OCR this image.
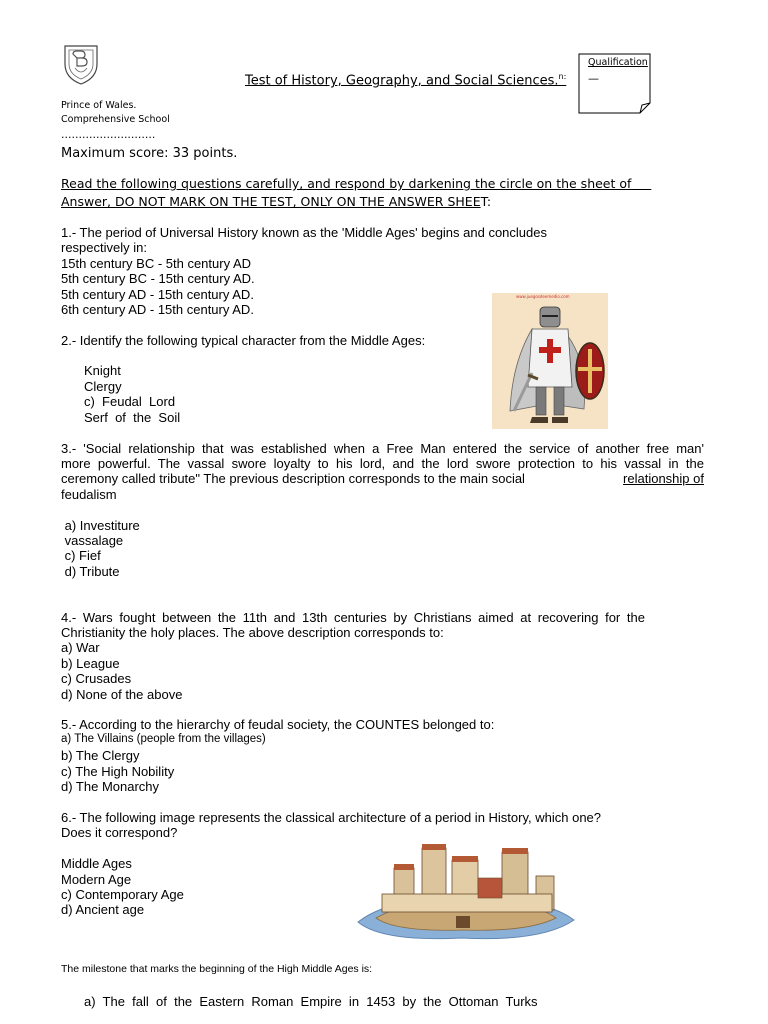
Prince of Wales.
Comprehensive School
Test of History, Geography, and Social Sciences.$^{n:}$
Qualification
—
...........................
Maximum score: 33 points.
Read the following questions carefully, and respond by darkening the circle on the sheet of
Answer, DO NOT MARK ON THE TEST, ONLY ON THE ANSWER SHEET:
1.- The period of Universal History known as the 'Middle Ages' begins and concludes
respectively in:
15th century BC - 5th century AD
5th century BC - 15th century AD.
5th century AD - 15th century AD.
6th century AD - 15th century AD.
2.- Identify the following typical character from the Middle Ages:
Knight
Clergy
c)  Feudal  Lord
Serf  of  the  Soil
www.juegosdeemedio.com
3.- 'Social relationship that was established when a Free Man entered the service of another free man'
more powerful. The vassal swore loyalty to his lord, and the lord swore protection to his vassal in the
ceremony called tribute" The previous description corresponds to the main social	relationship of
feudalism
a) Investiture
vassalage
c) Fief
d) Tribute
4.- Wars fought between the 11th and 13th centuries by Christians aimed at recovering for the
Christianity the holy places. The above description corresponds to:
a) War
b) League
c) Crusades
d) None of the above
5.- According to the hierarchy of feudal society, the COUNTES belonged to:
a) The Villains (people from the villages)
b) The Clergy
c) The High Nobility
d) The Monarchy
6.- The following image represents the classical architecture of a period in History, which one?
Does it correspond?
Middle Ages
Modern Age
c) Contemporary Age
d) Ancient age
The milestone that marks the beginning of the High Middle Ages is:
a)  The  fall  of  the  Eastern  Roman  Empire  in  1453  by  the  Ottoman  Turks
